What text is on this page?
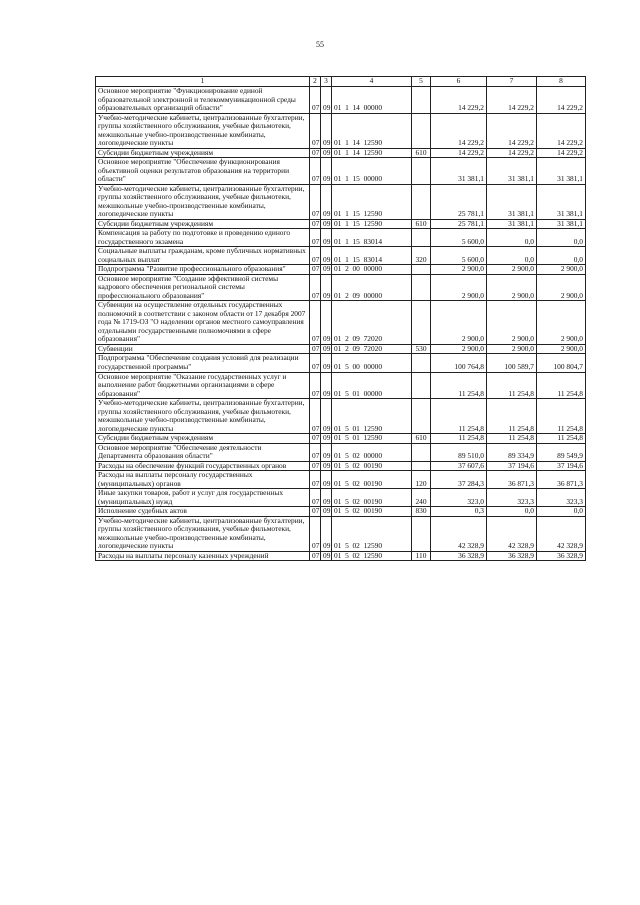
55
1	2	3	4	5	6	7	8
Основное мероприятие "Функционирование единой образовательной электронной и телекоммуникационной среды образовательных организаций области"	07	09	01  1  14  00000		14 229,2	14 229,2	14 229,2
Учебно-методические кабинеты, централизованные бухгалтерии, группы хозяйственного обслуживания, учебные фильмотеки, межшкольные учебно-производственные комбинаты, логопедические пункты	07	09	01  1  14  12590		14 229,2	14 229,2	14 229,2
Субсидии бюджетным учреждениям	07	09	01  1  14  12590	610	14 229,2	14 229,2	14 229,2
Основное мероприятие "Обеспечение функционирования объективной оценки результатов образования на территории области"	07	09	01  1  15  00000		31 381,1	31 381,1	31 381,1
Учебно-методические кабинеты, централизованные бухгалтерии, группы хозяйственного обслуживания, учебные фильмотеки, межшкольные учебно-производственные комбинаты, логопедические пункты	07	09	01  1  15  12590		25 781,1	31 381,1	31 381,1
Субсидии бюджетным учреждениям	07	09	01  1  15  12590	610	25 781,1	31 381,1	31 381,1
Компенсация за работу по подготовке и проведению единого государственного экзамена	07	09	01  1  15  83014		5 600,0	0,0	0,0
Социальные выплаты гражданам, кроме публичных нормативных социальных выплат	07	09	01  1  15  83014	320	5 600,0	0,0	0,0
Подпрограмма "Развитие профессионального образования"	07	09	01  2  00  00000		2 900,0	2 900,0	2 900,0
Основное мероприятие "Создание эффективной системы кадрового обеспечения региональной системы профессионального образования"	07	09	01  2  09  00000		2 900,0	2 900,0	2 900,0
Субвенции на осуществление отдельных государственных полномочий в соответствии с законом области от 17 декабря 2007 года № 1719-ОЗ "О наделении органов местного самоуправления отдельными государственными полномочиями в сфере образования"	07	09	01  2  09  72020		2 900,0	2 900,0	2 900,0
Субвенции	07	09	01  2  09  72020	530	2 900,0	2 900,0	2 900,0
Подпрограмма "Обеспечение создания условий для реализации государственной программы"	07	09	01  5  00  00000		100 764,8	100 589,7	100 804,7
Основное мероприятие "Оказание государственных услуг и выполнение работ бюджетными организациями в сфере образования"	07	09	01  5  01  00000		11 254,8	11 254,8	11 254,8
Учебно-методические кабинеты, централизованные бухгалтерии, группы хозяйственного обслуживания, учебные фильмотеки, межшкольные учебно-производственные комбинаты, логопедические пункты	07	09	01  5  01  12590		11 254,8	11 254,8	11 254,8
Субсидии бюджетным учреждениям	07	09	01  5  01  12590	610	11 254,8	11 254,8	11 254,8
Основное мероприятие "Обеспечение деятельности Департамента образования области"	07	09	01  5  02  00000		89 510,0	89 334,9	89 549,9
Расходы на обеспечение функций государственных органов	07	09	01  5  02  00190		37 607,6	37 194,6	37 194,6
Расходы на выплаты персоналу государственных (муниципальных) органов	07	09	01  5  02  00190	120	37 284,3	36 871,3	36 871,3
Иные закупки товаров, работ и услуг для государственных (муниципальных) нужд	07	09	01  5  02  00190	240	323,0	323,3	323,3
Исполнение судебных актов	07	09	01  5  02  00190	830	0,3	0,0	0,0
Учебно-методические кабинеты, централизованные бухгалтерии, группы хозяйственного обслуживания, учебные фильмотеки, межшкольные учебно-производственные комбинаты, логопедические пункты	07	09	01  5  02  12590		42 328,9	42 328,9	42 328,9
Расходы на выплаты персоналу казенных учреждений	07	09	01  5  02  12590	110	36 328,9	36 328,9	36 328,9
